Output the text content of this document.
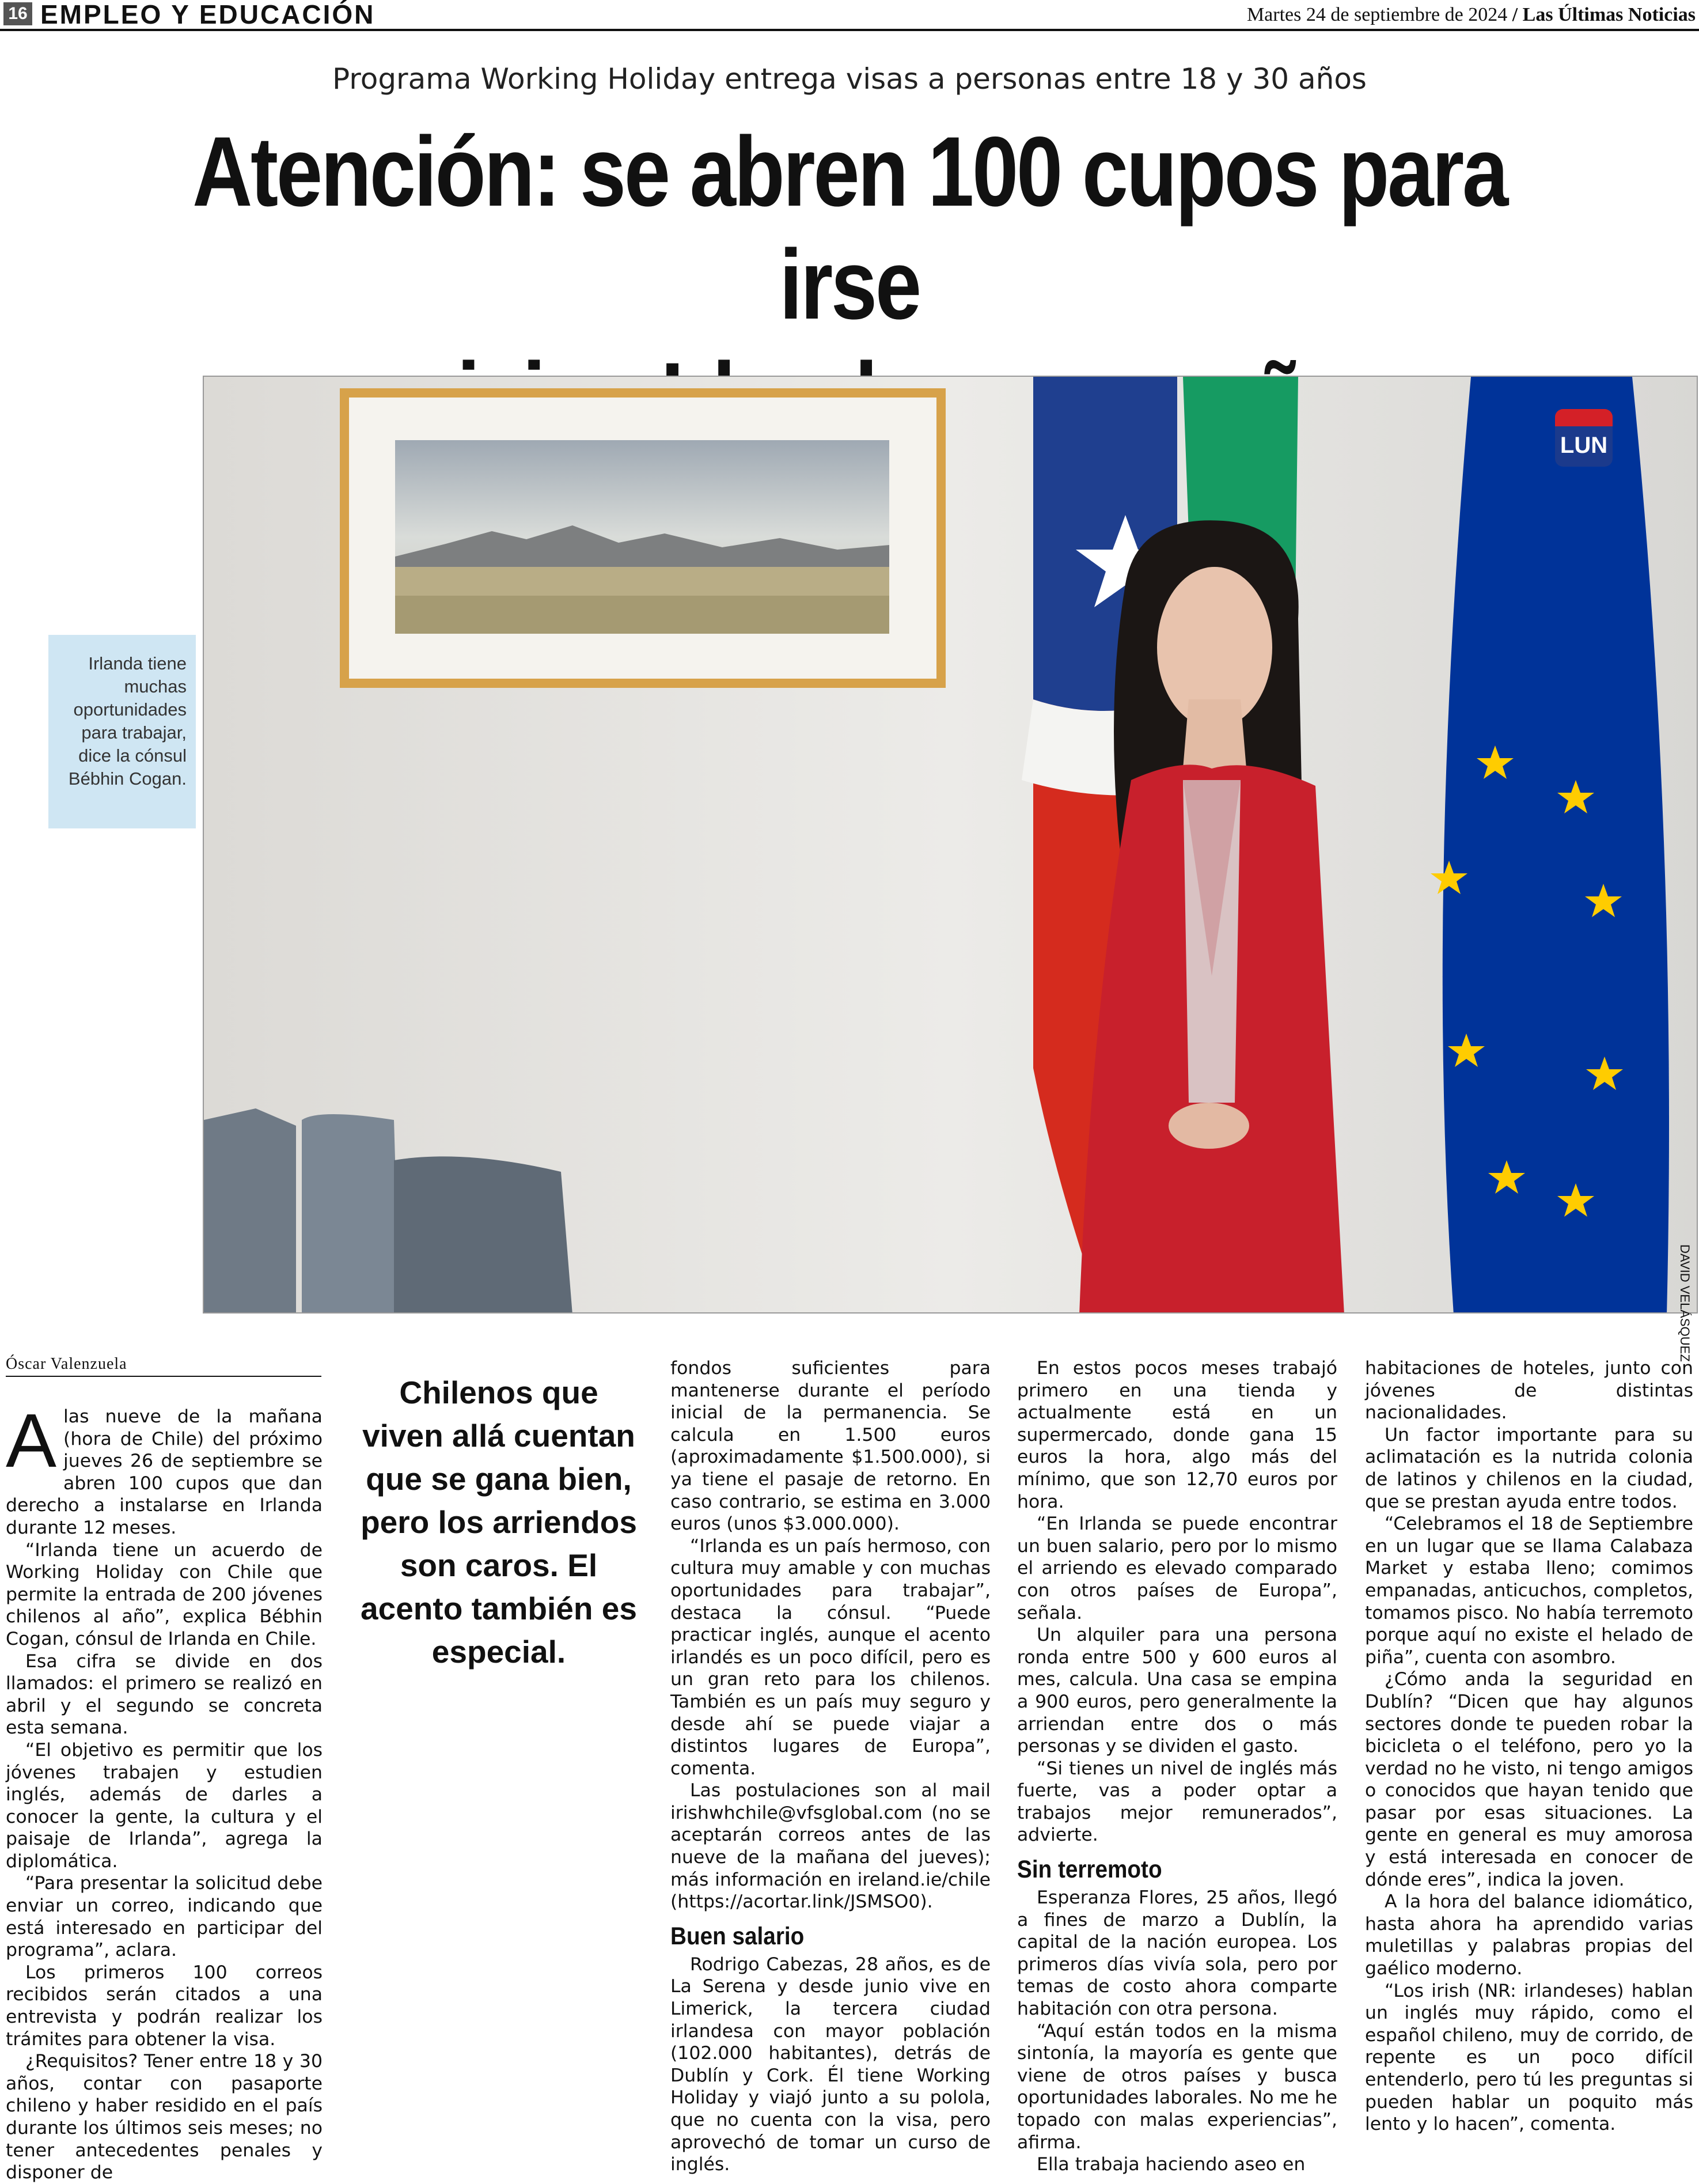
16 EMPLEO Y EDUCACIÓN	Martes 24 de septiembre de 2024 / Las Últimas Noticias
Programa Working Holiday entrega visas a personas entre 18 y 30 años
Atención: se abren 100 cupos para irse
LUN
DAVID VELÁSQUEZ
Irlanda tiene muchas oportunidades para trabajar, dice la cónsul Bébhin Cogan.
Óscar Valenzuela

Alas nueve de la mañana (hora de Chile) del próximo jueves 26 de septiembre se abren 100 cupos que dan derecho a instalarse en Irlanda durante 12 meses.

“Irlanda tiene un acuerdo de Working Holiday con Chile que permite la entrada de 200 jóvenes chilenos al año”, explica Bébhin Cogan, cónsul de Irlanda en Chile.

Esa cifra se divide en dos llamados: el primero se realizó en abril y el segundo se concreta esta semana.

“El objetivo es permitir que los jóvenes trabajen y estudien inglés, además de darles a conocer la gente, la cultura y el paisaje de Irlanda”, agrega la diplomática.

“Para presentar la solicitud debe enviar un correo, indicando que está interesado en participar del programa”, aclara.

Los primeros 100 correos recibidos serán citados a una entrevista y podrán realizar los trámites para obtener la visa.

¿Requisitos? Tener entre 18 y 30 años, contar con pasaporte chileno y haber residido en el país durante los últimos seis meses; no tener antecedentes penales y disponer de

Chilenos que viven allá cuentan que se gana bien, pero los arriendos son caros. El acento también es especial.

fondos suficientes para mantenerse durante el período inicial de la permanencia. Se calcula en 1.500 euros (aproximadamente $1.500.000), si ya tiene el pasaje de retorno. En caso contrario, se estima en 3.000 euros (unos $3.000.000).

“Irlanda es un país hermoso, con cultura muy amable y con muchas oportunidades para trabajar”, destaca la cónsul. “Puede practicar inglés, aunque el acento irlandés es un poco difícil, pero es un gran reto para los chilenos. También es un país muy seguro y desde ahí se puede viajar a distintos lugares de Europa”, comenta.

Las postulaciones son al mail irishwhchile@vfsglobal.com (no se aceptarán correos antes de las nueve de la mañana del jueves); más información en ireland.ie/chile (https://acortar.link/JSMSO0).

Buen salario

Rodrigo Cabezas, 28 años, es de La Serena y desde junio vive en Limerick, la tercera ciudad irlandesa con mayor población (102.000 habitantes), detrás de Dublín y Cork. Él tiene Working Holiday y viajó junto a su polola, que no cuenta con la visa, pero aprovechó de tomar un curso de inglés.

En estos pocos meses trabajó primero en una tienda y actualmente está en un supermercado, donde gana 15 euros la hora, algo más del mínimo, que son 12,70 euros por hora.

“En Irlanda se puede encontrar un buen salario, pero por lo mismo el arriendo es elevado comparado con otros países de Europa”, señala.

Un alquiler para una persona ronda entre 500 y 600 euros al mes, calcula. Una casa se empina a 900 euros, pero generalmente la arriendan entre dos o más personas y se dividen el gasto.

“Si tienes un nivel de inglés más fuerte, vas a poder optar a trabajos mejor remunerados”, advierte.

Sin terremoto

Esperanza Flores, 25 años, llegó a fines de marzo a Dublín, la capital de la nación europea. Los primeros días vivía sola, pero por temas de costo ahora comparte habitación con otra persona.

“Aquí están todos en la misma sintonía, la mayoría es gente que viene de otros países y busca oportunidades laborales. No me he topado con malas experiencias”, afirma.

Ella trabaja haciendo aseo en

habitaciones de hoteles, junto con jóvenes de distintas nacionalidades.

Un factor importante para su aclimatación es la nutrida colonia de latinos y chilenos en la ciudad, que se prestan ayuda entre todos.

“Celebramos el 18 de Septiembre en un lugar que se llama Calabaza Market y estaba lleno; comimos empanadas, anticuchos, completos, tomamos pisco. No había terremoto porque aquí no existe el helado de piña”, cuenta con asombro.

¿Cómo anda la seguridad en Dublín? “Dicen que hay algunos sectores donde te pueden robar la bicicleta o el teléfono, pero yo la verdad no he visto, ni tengo amigos o conocidos que hayan tenido que pasar por esas situaciones. La gente en general es muy amorosa y está interesada en conocer de dónde eres”, indica la joven.

A la hora del balance idiomático, hasta ahora ha aprendido varias muletillas y palabras propias del gaélico moderno.

“Los irish (NR: irlandeses) hablan un inglés muy rápido, como el español chileno, muy de corrido, de repente es un poco difícil entenderlo, pero tú les preguntas si pueden hablar un poquito más lento y lo hacen”, comenta.
